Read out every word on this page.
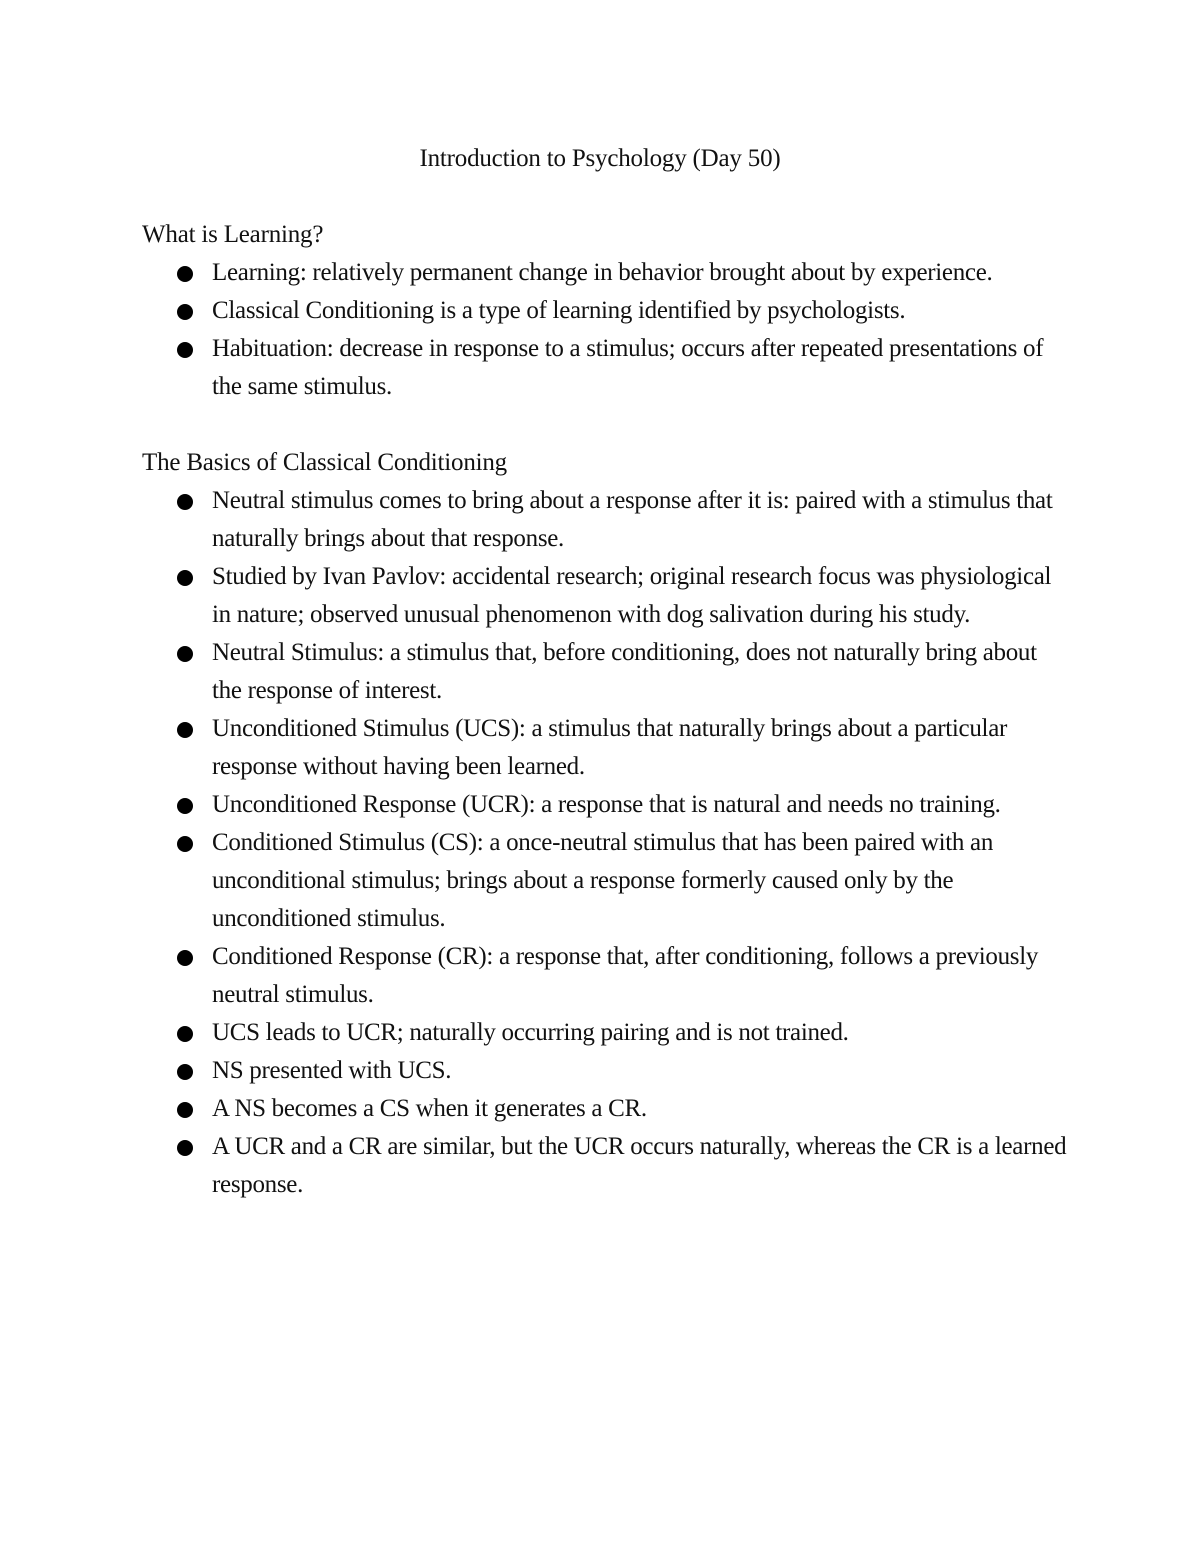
Introduction to Psychology (Day 50)

What is Learning?

Learning: relatively permanent change in behavior brought about by experience.
Classical Conditioning is a type of learning identified by psychologists.
Habituation: decrease in response to a stimulus; occurs after repeated presentations of the same stimulus.

The Basics of Classical Conditioning

Neutral stimulus comes to bring about a response after it is: paired with a stimulus that naturally brings about that response.
Studied by Ivan Pavlov: accidental research; original research focus was physiological in nature; observed unusual phenomenon with dog salivation during his study.
Neutral Stimulus: a stimulus that, before conditioning, does not naturally bring about the response of interest.
Unconditioned Stimulus (UCS): a stimulus that naturally brings about a particular response without having been learned.
Unconditioned Response (UCR): a response that is natural and needs no training.
Conditioned Stimulus (CS): a once-neutral stimulus that has been paired with an unconditional stimulus; brings about a response formerly caused only by the unconditioned stimulus.
Conditioned Response (CR): a response that, after conditioning, follows a previously neutral stimulus.
UCS leads to UCR; naturally occurring pairing and is not trained.
NS presented with UCS.
A NS becomes a CS when it generates a CR.
A UCR and a CR are similar, but the UCR occurs naturally, whereas the CR is a learned response.
